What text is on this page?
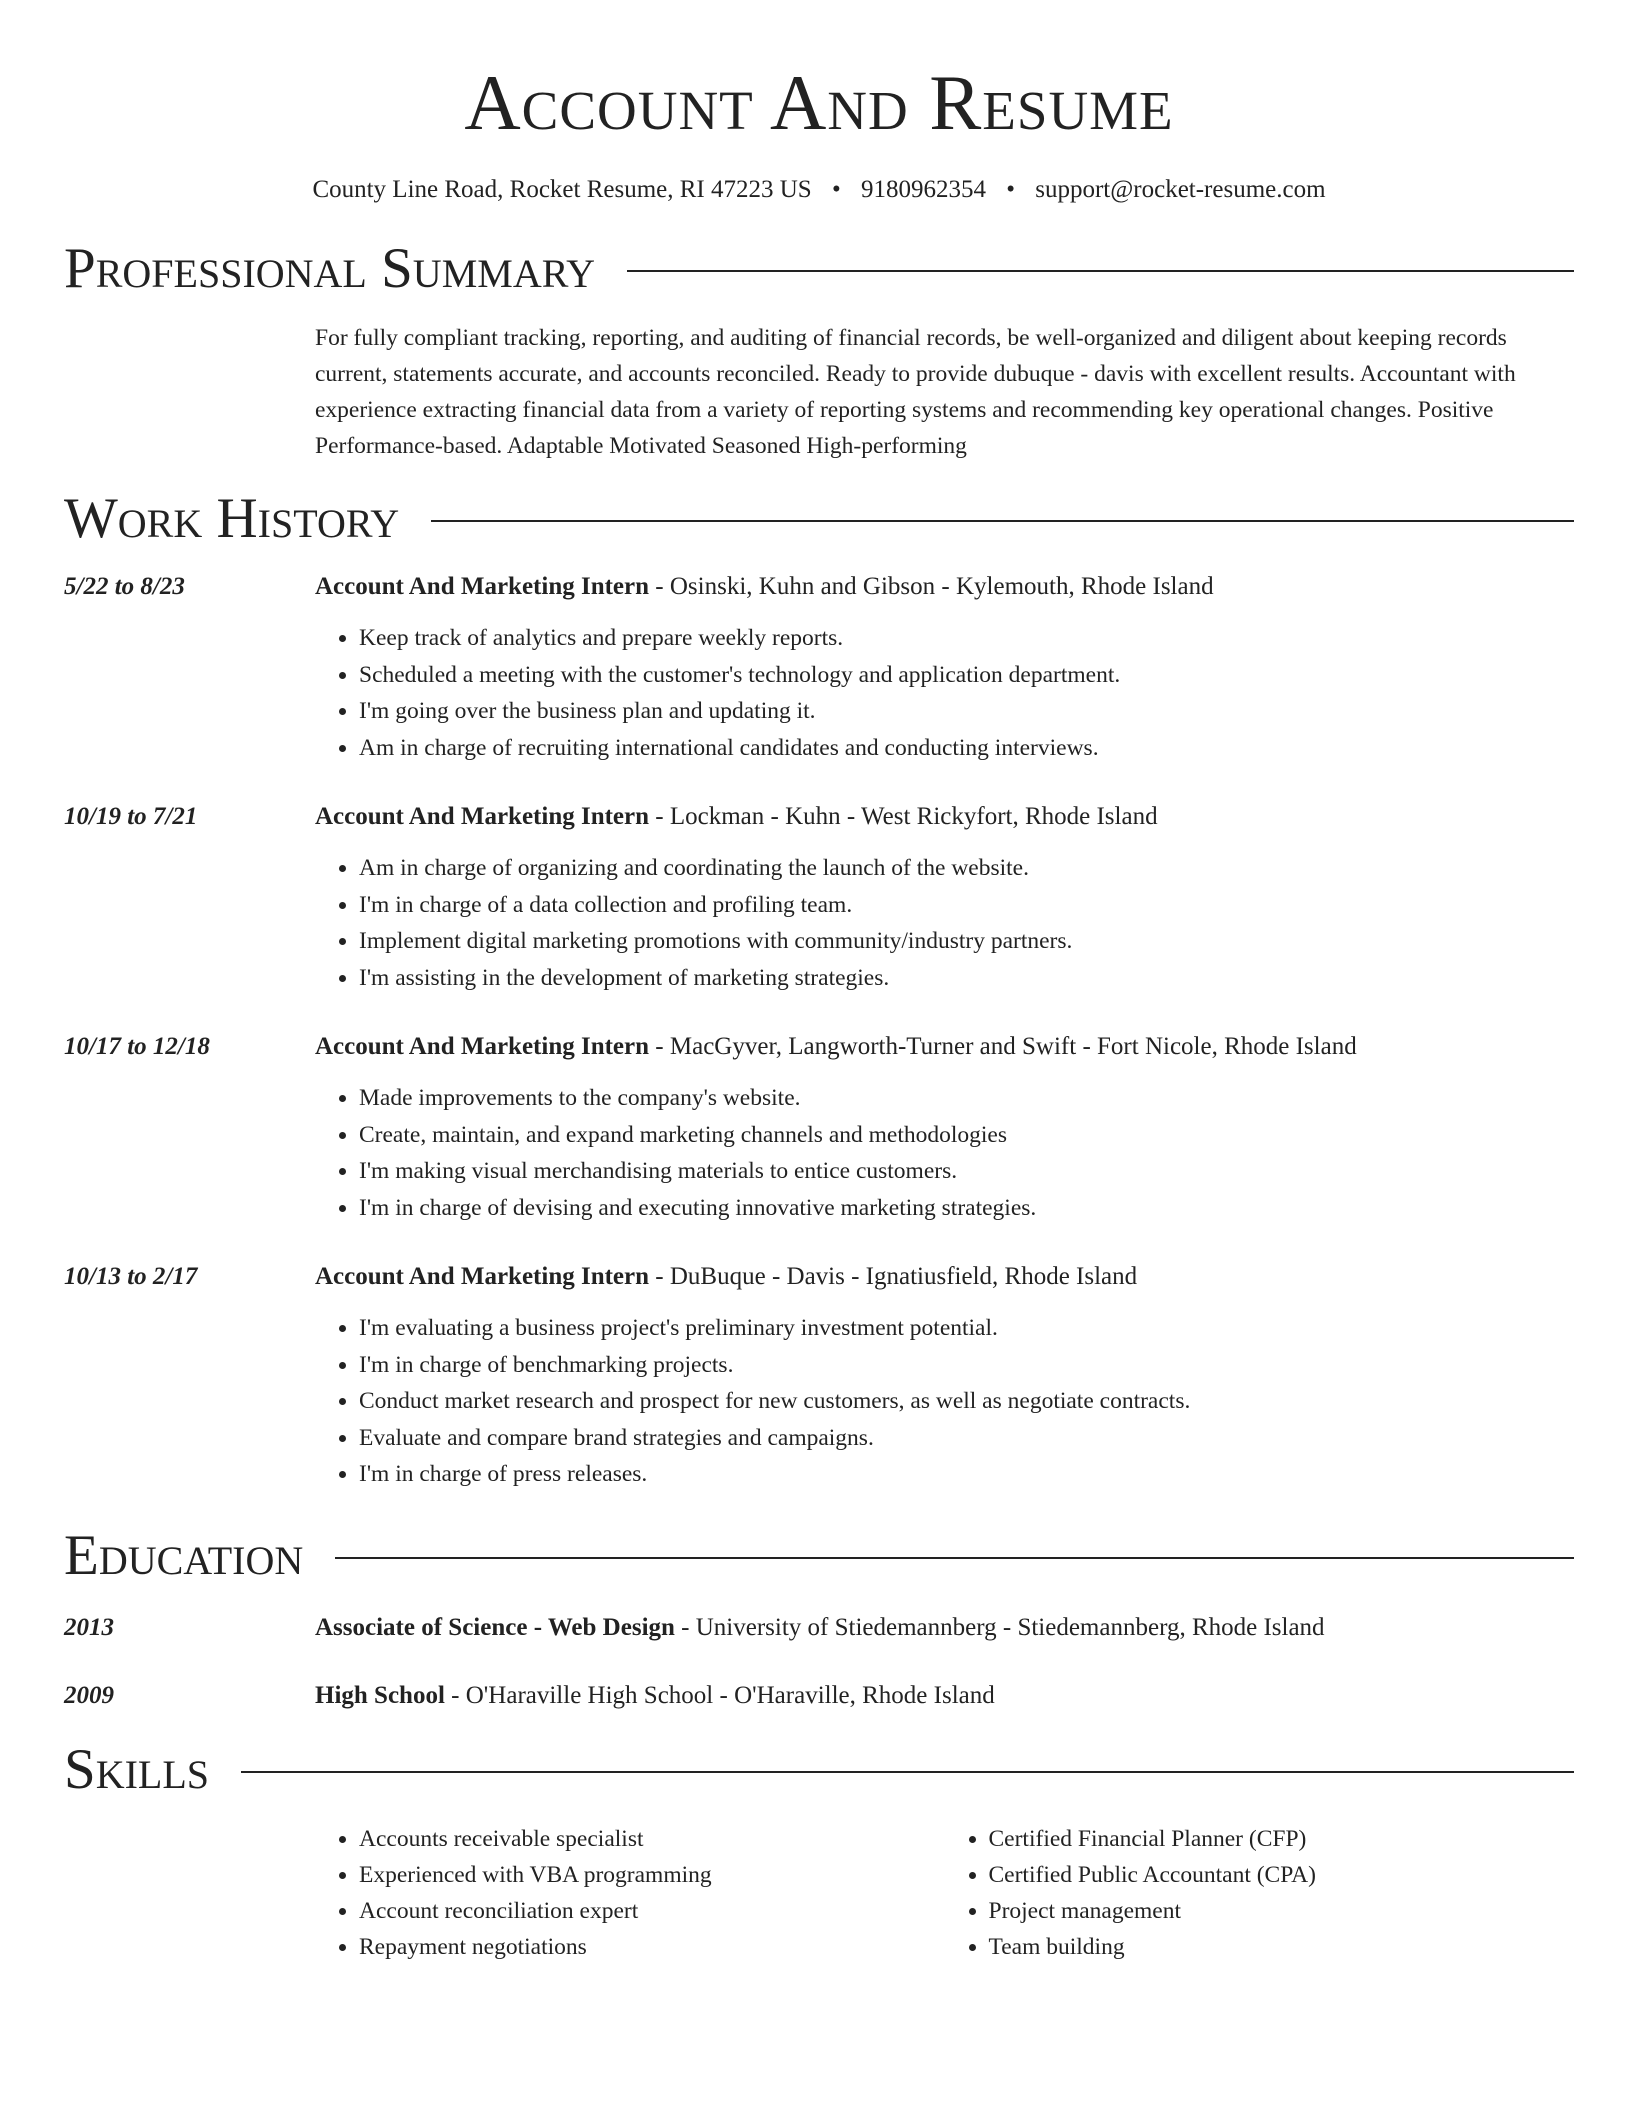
Account And Resume
County Line Road, Rocket Resume, RI 47223 US • 9180962354 • support@rocket-resume.com
Professional Summary
For fully compliant tracking, reporting, and auditing of financial records, be well-organized and diligent about keeping records current, statements accurate, and accounts reconciled. Ready to provide dubuque - davis with excellent results. Accountant with experience extracting financial data from a variety of reporting systems and recommending key operational changes. Positive Performance-based. Adaptable Motivated Seasoned High-performing
Work History
5/22 to 8/23	Account And Marketing Intern - Osinski, Kuhn and Gibson - Kylemouth, Rhode Island
• Keep track of analytics and prepare weekly reports.
• Scheduled a meeting with the customer's technology and application department.
• I'm going over the business plan and updating it.
• Am in charge of recruiting international candidates and conducting interviews.
10/19 to 7/21	Account And Marketing Intern - Lockman - Kuhn - West Rickyfort, Rhode Island
• Am in charge of organizing and coordinating the launch of the website.
• I'm in charge of a data collection and profiling team.
• Implement digital marketing promotions with community/industry partners.
• I'm assisting in the development of marketing strategies.
10/17 to 12/18	Account And Marketing Intern - MacGyver, Langworth-Turner and Swift - Fort Nicole, Rhode Island
• Made improvements to the company's website.
• Create, maintain, and expand marketing channels and methodologies
• I'm making visual merchandising materials to entice customers.
• I'm in charge of devising and executing innovative marketing strategies.
10/13 to 2/17	Account And Marketing Intern - DuBuque - Davis - Ignatiusfield, Rhode Island
• I'm evaluating a business project's preliminary investment potential.
• I'm in charge of benchmarking projects.
• Conduct market research and prospect for new customers, as well as negotiate contracts.
• Evaluate and compare brand strategies and campaigns.
• I'm in charge of press releases.
Education
2013	Associate of Science - Web Design - University of Stiedemannberg - Stiedemannberg, Rhode Island
2009	High School - O'Haraville High School - O'Haraville, Rhode Island
Skills
• Accounts receivable specialist
• Experienced with VBA programming
• Account reconciliation expert
• Repayment negotiations
• Certified Financial Planner (CFP)
• Certified Public Accountant (CPA)
• Project management
• Team building
